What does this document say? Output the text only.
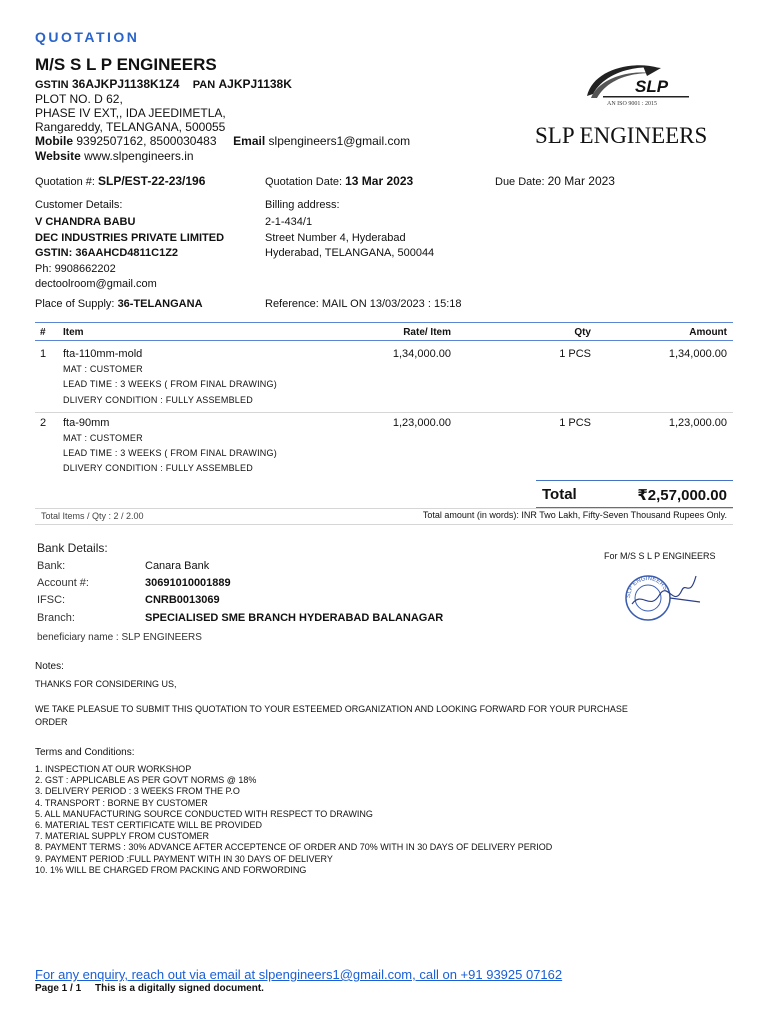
QUOTATION
M/S S L P ENGINEERS
GSTIN 36AJKPJ1138K1Z4 PAN AJKPJ1138K
PLOT NO. D 62,
PHASE IV EXT,, IDA JEEDIMETLA,
Rangareddy, TELANGANA, 500055
Mobile 9392507162, 8500030483 Email slpengineers1@gmail.com
Website www.slpengineers.in
SLP
AN ISO 9001 : 2015
SLP ENGINEERS
Quotation #: SLP/EST-22-23/196	Quotation Date: 13 Mar 2023	Due Date: 20 Mar 2023
Customer Details:
V CHANDRA BABU
DEC INDUSTRIES PRIVATE LIMITED
GSTIN: 36AAHCD4811C1Z2
Ph: 9908662202
dectoolroom@gmail.com
Place of Supply: 36-TELANGANA
Billing address:
2-1-434/1
Street Number 4, Hyderabad
Hyderabad, TELANGANA, 500044
Reference: MAIL ON 13/03/2023 : 15:18
# Item	Rate/ Item	Qty	Amount
1 fta-110mm-mold
MAT : CUSTOMER
LEAD TIME : 3 WEEKS ( FROM FINAL DRAWING)
DLIVERY CONDITION : FULLY ASSEMBLED
1,34,000.00	1 PCS	1,34,000.00
2 fta-90mm
MAT : CUSTOMER
LEAD TIME : 3 WEEKS ( FROM FINAL DRAWING)
DLIVERY CONDITION : FULLY ASSEMBLED
1,23,000.00	1 PCS	1,23,000.00
Total	₹2,57,000.00
Total Items / Qty : 2 / 2.00	Total amount (in words): INR Two Lakh, Fifty-Seven Thousand Rupees Only.
Bank Details:
Bank:	Canara Bank
Account #:	30691010001889
IFSC:	CNRB0013069
Branch:	SPECIALISED SME BRANCH HYDERABAD BALANAGAR
beneficiary name : SLP ENGINEERS
For M/S S L P ENGINEERS
SLP ENGINEERS
Notes:
THANKS FOR CONSIDERING US,
WE TAKE PLEASUE TO SUBMIT THIS QUOTATION TO YOUR ESTEEMED ORGANIZATION AND LOOKING FORWARD FOR YOUR PURCHASE
ORDER
Terms and Conditions:
1. INSPECTION AT OUR WORKSHOP
2. GST : APPLICABLE AS PER GOVT NORMS @ 18%
3. DELIVERY PERIOD : 3 WEEKS FROM THE P.O
4. TRANSPORT : BORNE BY CUSTOMER
5. ALL MANUFACTURING SOURCE CONDUCTED WITH RESPECT TO DRAWING
6. MATERIAL TEST CERTIFICATE WILL BE PROVIDED
7. MATERIAL SUPPLY FROM CUSTOMER
8. PAYMENT TERMS : 30% ADVANCE AFTER ACCEPTENCE OF ORDER AND 70% WITH IN 30 DAYS OF DELIVERY PERIOD
9. PAYMENT PERIOD :FULL PAYMENT WITH IN 30 DAYS OF DELIVERY
10. 1% WILL BE CHARGED FROM PACKING AND FORWORDING
For any enquiry, reach out via email at slpengineers1@gmail.com, call on +91 93925 07162
Page 1 / 1 This is a digitally signed document.
